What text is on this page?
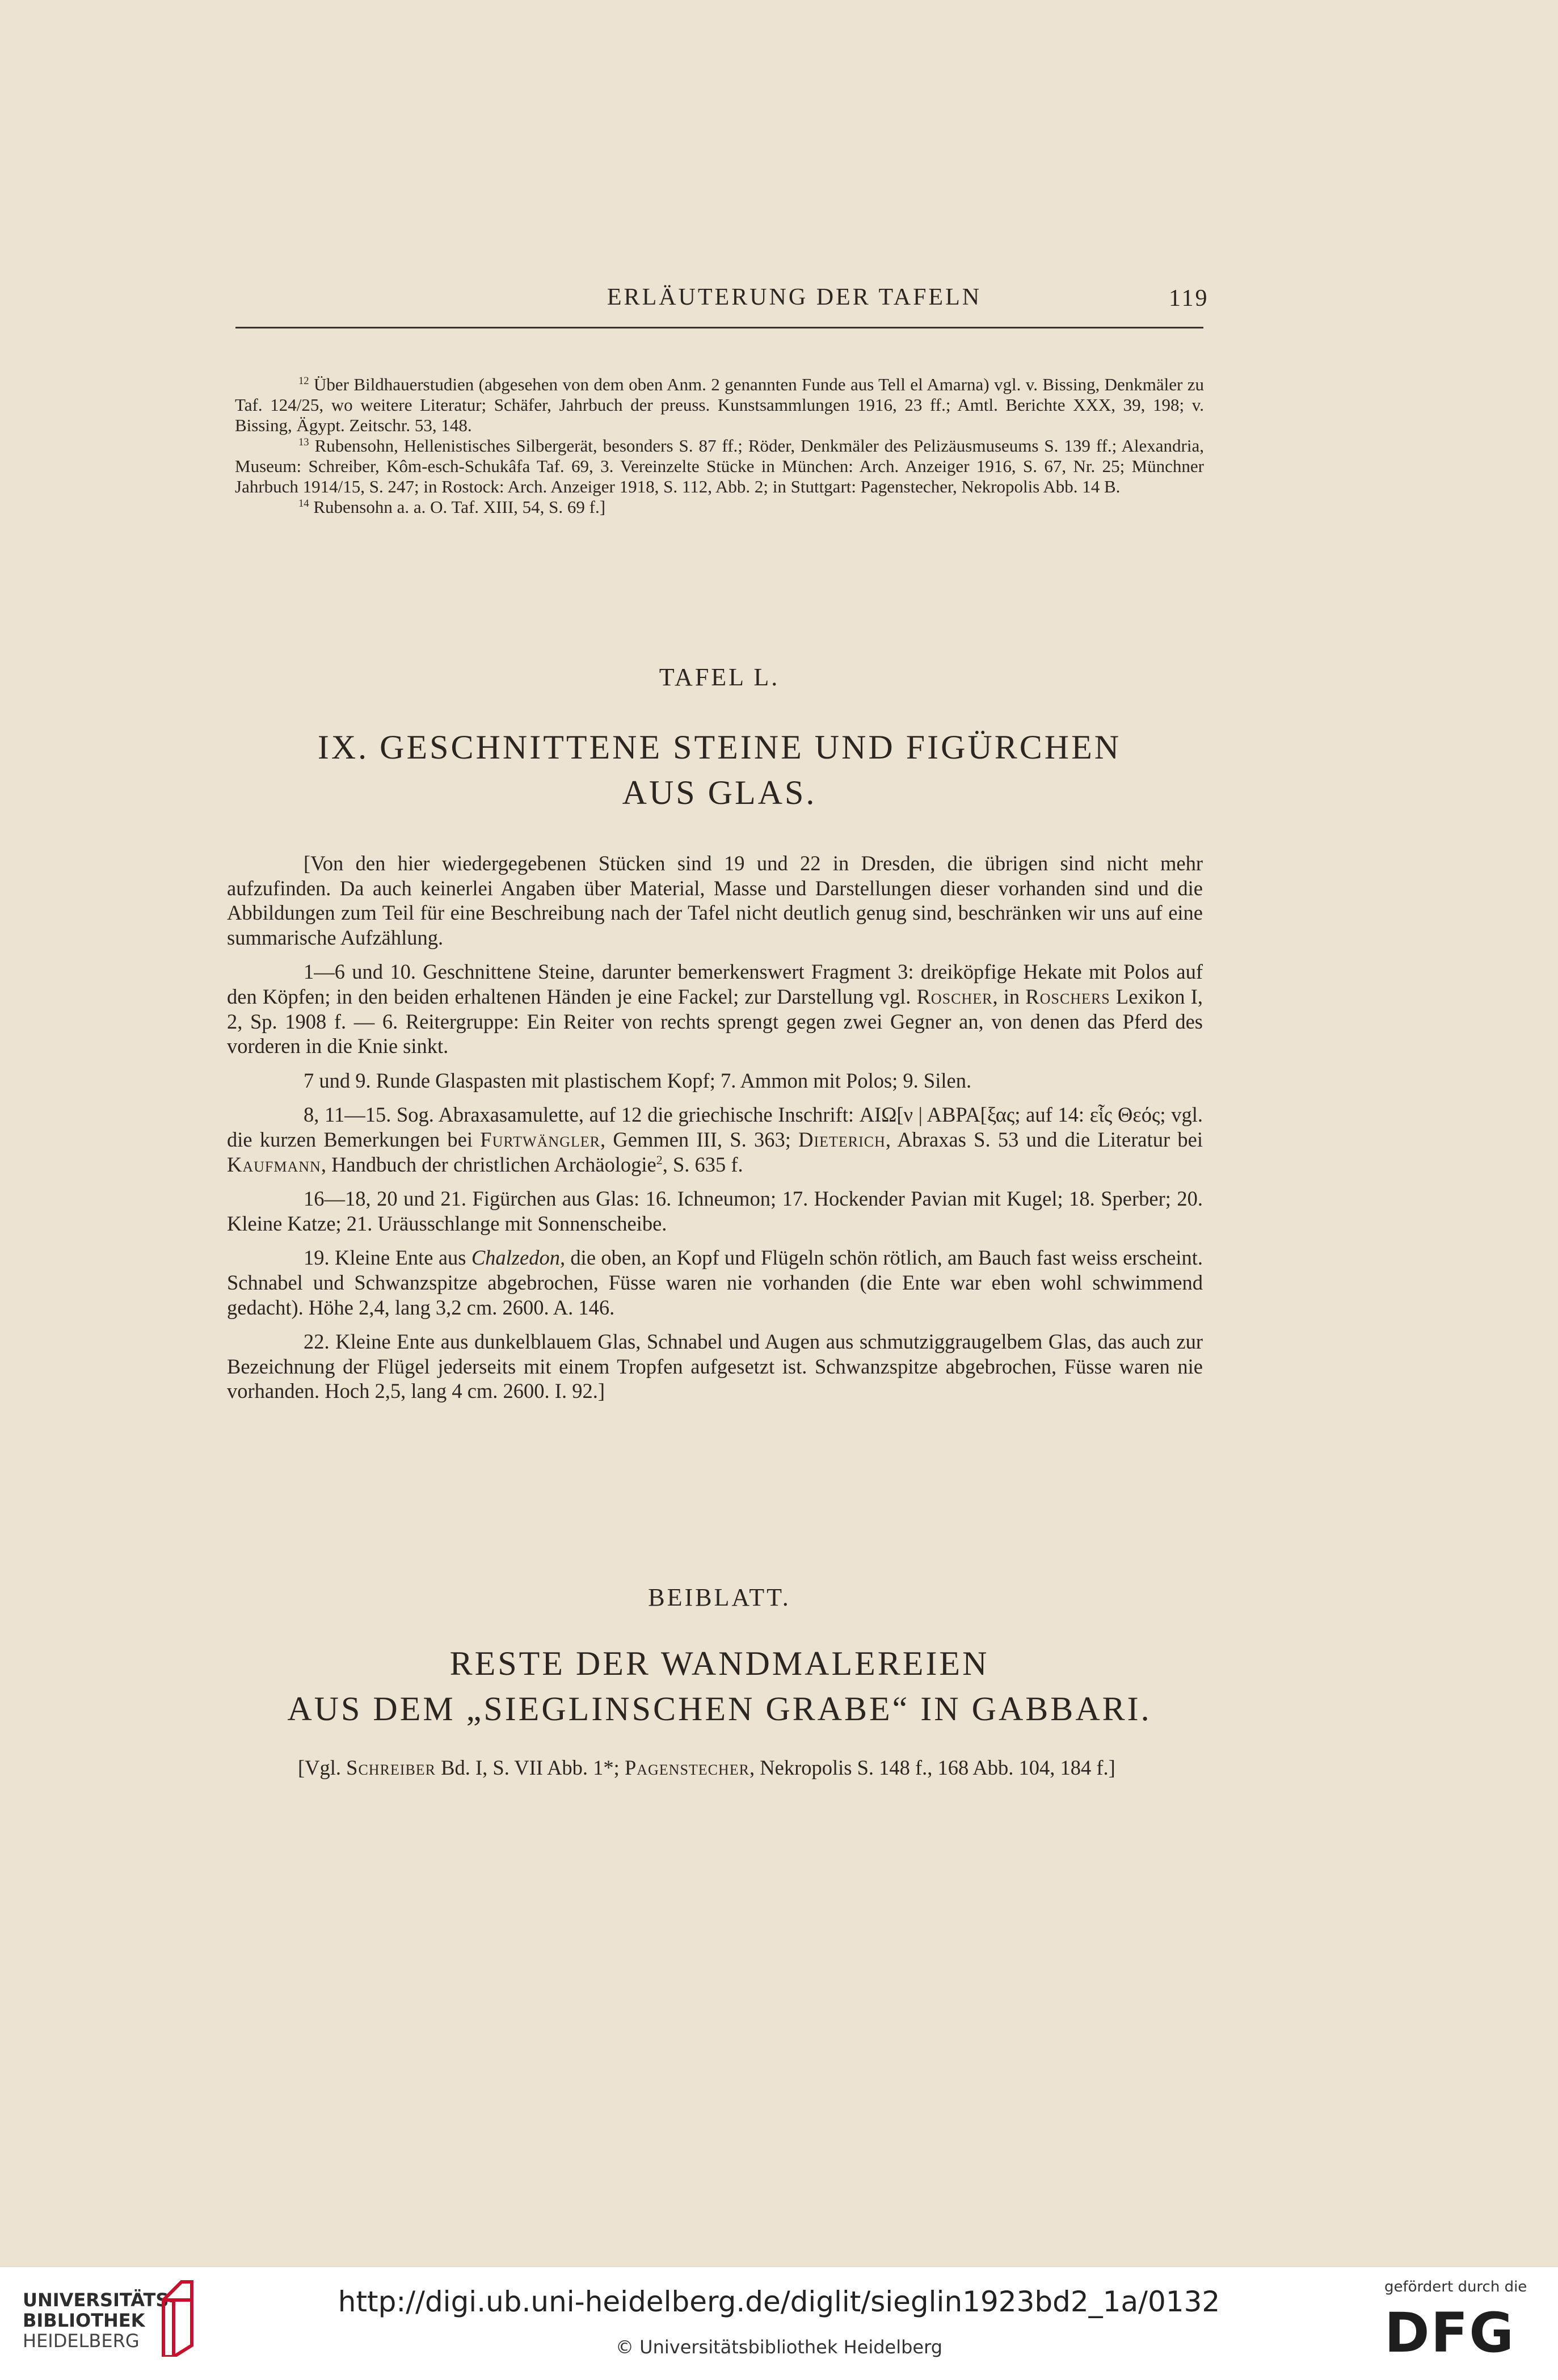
ERLÄUTERUNG DER TAFELN	119

$^{12}$ Über Bildhauerstudien (abgesehen von dem oben Anm. 2 genannten Funde aus Tell el Amarna) vgl. v. Bissing, Denkmäler zu Taf. 124/25, wo weitere Literatur; Schäfer, Jahrbuch der preuss. Kunstsammlungen 1916, 23 ff.; Amtl. Berichte XXX, 39, 198; v. Bissing, Ägypt. Zeitschr. 53, 148.

$^{13}$ Rubensohn, Hellenistisches Silbergerät, besonders S. 87 ff.; Röder, Denkmäler des Pelizäusmuseums S. 139 ff.; Alexandria, Museum: Schreiber, Kôm-esch-Schukâfa Taf. 69, 3. Vereinzelte Stücke in München: Arch. Anzeiger 1916, S. 67, Nr. 25; Münchner Jahrbuch 1914/15, S. 247; in Rostock: Arch. Anzeiger 1918, S. 112, Abb. 2; in Stuttgart: Pagenstecher, Nekropolis Abb. 14 B.

$^{14}$ Rubensohn a. a. O. Taf. XIII, 54, S. 69 f.]

TAFEL L.
IX. GESCHNITTENE STEINE UND FIGÜRCHEN
AUS GLAS.

[Von den hier wiedergegebenen Stücken sind 19 und 22 in Dresden, die übrigen sind nicht mehr aufzufinden. Da auch keinerlei Angaben über Material, Masse und Darstellungen dieser vorhanden sind und die Abbildungen zum Teil für eine Beschreibung nach der Tafel nicht deutlich genug sind, beschränken wir uns auf eine summarische Aufzählung.

1—6 und 10. Geschnittene Steine, darunter bemerkenswert Fragment 3: dreiköpfige Hekate mit Polos auf den Köpfen; in den beiden erhaltenen Händen je eine Fackel; zur Darstellung vgl. Roscher, in Roschers Lexikon I, 2, Sp. 1908 f. — 6. Reitergruppe: Ein Reiter von rechts sprengt gegen zwei Gegner an, von denen das Pferd des vorderen in die Knie sinkt.

7 und 9. Runde Glaspasten mit plastischem Kopf; 7. Ammon mit Polos; 9. Silen.

8, 11—15. Sog. Abraxasamulette, auf 12 die griechische Inschrift: ΑΙΩ[ν | ΑΒΡΑ[ξας; auf 14: εἷς Θεός; vgl. die kurzen Bemerkungen bei Furtwängler, Gemmen III, S. 363; Dieterich, Abraxas S. 53 und die Literatur bei Kaufmann, Handbuch der christlichen Archäologie$^2$, S. 635 f.

16—18, 20 und 21. Figürchen aus Glas: 16. Ichneumon; 17. Hockender Pavian mit Kugel; 18. Sperber; 20. Kleine Katze; 21. Uräusschlange mit Sonnenscheibe.

19. Kleine Ente aus Chalzedon, die oben, an Kopf und Flügeln schön rötlich, am Bauch fast weiss erscheint. Schnabel und Schwanzspitze abgebrochen, Füsse waren nie vorhanden (die Ente war eben wohl schwimmend gedacht). Höhe 2,4, lang 3,2 cm. 2600. A. 146.

22. Kleine Ente aus dunkelblauem Glas, Schnabel und Augen aus schmutziggraugelbem Glas, das auch zur Bezeichnung der Flügel jederseits mit einem Tropfen aufgesetzt ist. Schwanzspitze abgebrochen, Füsse waren nie vorhanden. Hoch 2,5, lang 4 cm. 2600. I. 92.]

BEIBLATT.
RESTE DER WANDMALEREIEN
AUS DEM „SIEGLINSCHEN GRABE“ IN GABBARI.
[Vgl. Schreiber Bd. I, S. VII Abb. 1*; Pagenstecher, Nekropolis S. 148 f., 168 Abb. 104, 184 f.]
UNIVERSITÄTS-
BIBLIOTHEK
HEIDELBERG
http://digi.ub.uni-heidelberg.de/diglit/sieglin1923bd2_1a/0132
© Universitätsbibliothek Heidelberg
gefördert durch die
DFG
